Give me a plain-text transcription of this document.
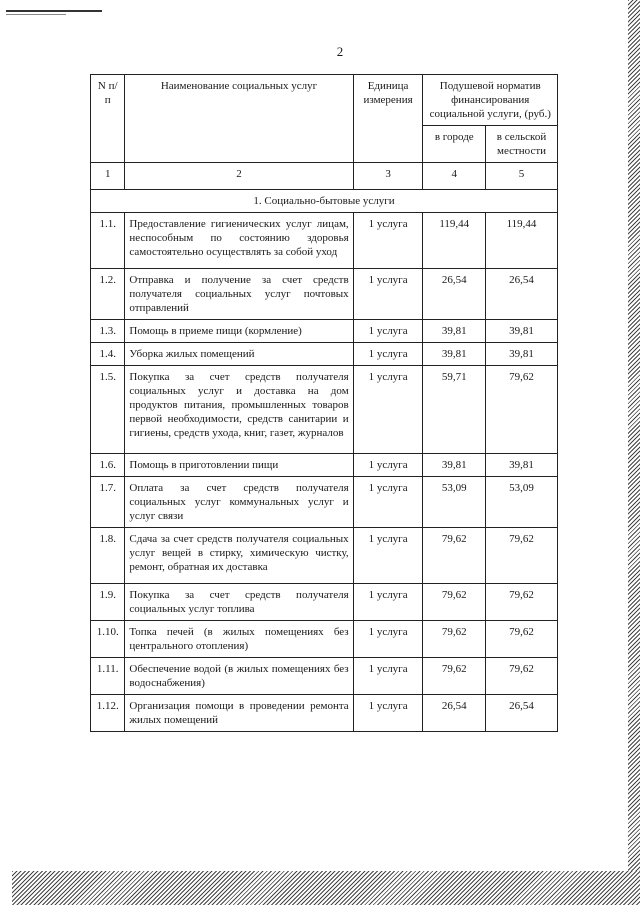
2
N п/п	Наименование социальных услуг	Единица измерения	Подушевой норматив финансирования социальной услуги, (руб.)	
			в городе	в сельской местности
1	2	3	4	5
1. Социально-бытовые услуги				
1.1.	Предоставление гигиенических услуг лицам, неспособным по состоянию здоровья самостоятельно осуществлять за собой уход	1 услуга	119,44	119,44
1.2.	Отправка и получение за счет средств получателя социальных услуг почтовых отправлений	1 услуга	26,54	26,54
1.3.	Помощь в приеме пищи (кормление)	1 услуга	39,81	39,81
1.4.	Уборка жилых помещений	1 услуга	39,81	39,81
1.5.	Покупка за счет средств получателя социальных услуг и доставка на дом продуктов питания, промышленных товаров первой необходимости, средств санитарии и гигиены, средств ухода, книг, газет, журналов	1 услуга	59,71	79,62
1.6.	Помощь в приготовлении пищи	1 услуга	39,81	39,81
1.7.	Оплата за счет средств получателя социальных услуг коммунальных услуг и услуг связи	1 услуга	53,09	53,09
1.8.	Сдача за счет средств получателя социальных услуг вещей в стирку, химическую чистку, ремонт, обратная их доставка	1 услуга	79,62	79,62
1.9.	Покупка за счет средств получателя социальных услуг топлива	1 услуга	79,62	79,62
1.10.	Топка печей (в жилых помещениях без центрального отопления)	1 услуга	79,62	79,62
1.11.	Обеспечение водой (в жилых помещениях без водоснабжения)	1 услуга	79,62	79,62
1.12.	Организация помощи в проведении ремонта жилых помещений	1 услуга	26,54	26,54
